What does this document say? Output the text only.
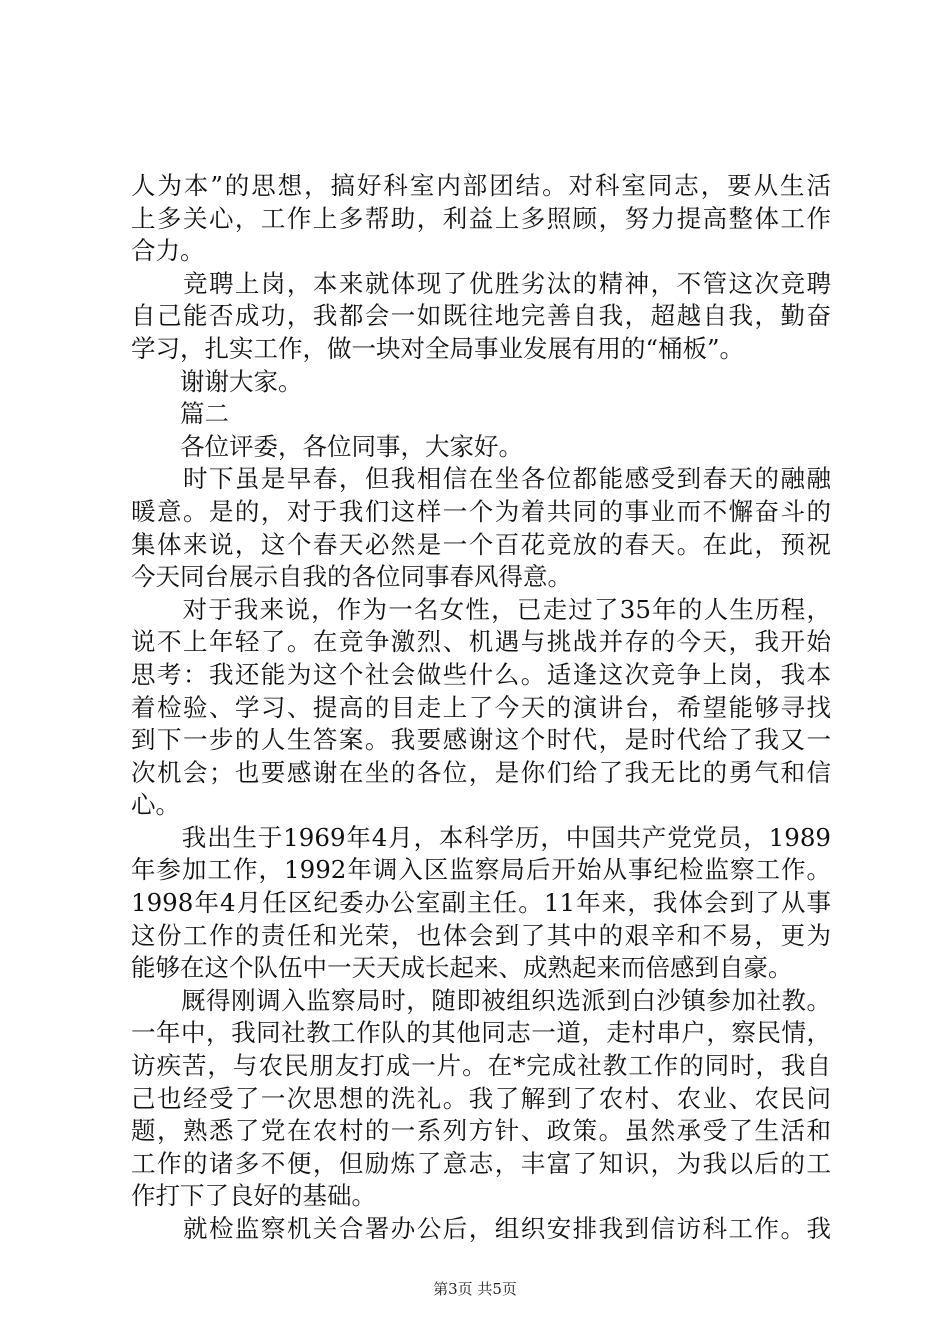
人为本”的思想，搞好科室内部团结。对科室同志，要从生活
上多关心，工作上多帮助，利益上多照顾，努力提高整体工作
合力。
　　竞聘上岗，本来就体现了优胜劣汰的精神，不管这次竞聘
自己能否成功，我都会一如既往地完善自我，超越自我，勤奋
学习，扎实工作，做一块对全局事业发展有用的“桶板”。
　　谢谢大家。
　　篇二
　　各位评委，各位同事，大家好。
　　时下虽是早春，但我相信在坐各位都能感受到春天的融融
暖意。是的，对于我们这样一个为着共同的事业而不懈奋斗的
集体来说，这个春天必然是一个百花竞放的春天。在此，预祝
今天同台展示自我的各位同事春风得意。
　　对于我来说，作为一名女性，已走过了35年的人生历程，
说不上年轻了。在竞争激烈、机遇与挑战并存的今天，我开始
思考：我还能为这个社会做些什么。适逢这次竞争上岗，我本
着检验、学习、提高的目走上了今天的演讲台，希望能够寻找
到下一步的人生答案。我要感谢这个时代，是时代给了我又一
次机会；也要感谢在坐的各位，是你们给了我无比的勇气和信
心。
　　我出生于1969年4月，本科学历，中国共产党党员，1989
年参加工作，1992年调入区监察局后开始从事纪检监察工作。
1998年4月任区纪委办公室副主任。11年来，我体会到了从事
这份工作的责任和光荣，也体会到了其中的艰辛和不易，更为
能够在这个队伍中一天天成长起来、成熟起来而倍感到自豪。
　　厩得刚调入监察局时，随即被组织选派到白沙镇参加社教。
一年中，我同社教工作队的其他同志一道，走村串户，察民情，
访疾苦，与农民朋友打成一片。在*完成社教工作的同时，我自
己也经受了一次思想的洗礼。我了解到了农村、农业、农民问
题，熟悉了党在农村的一系列方针、政策。虽然承受了生活和
工作的诸多不便，但励炼了意志，丰富了知识，为我以后的工
作打下了良好的基础。
　　就检监察机关合署办公后，组织安排我到信访科工作。我
第3页 共5页
